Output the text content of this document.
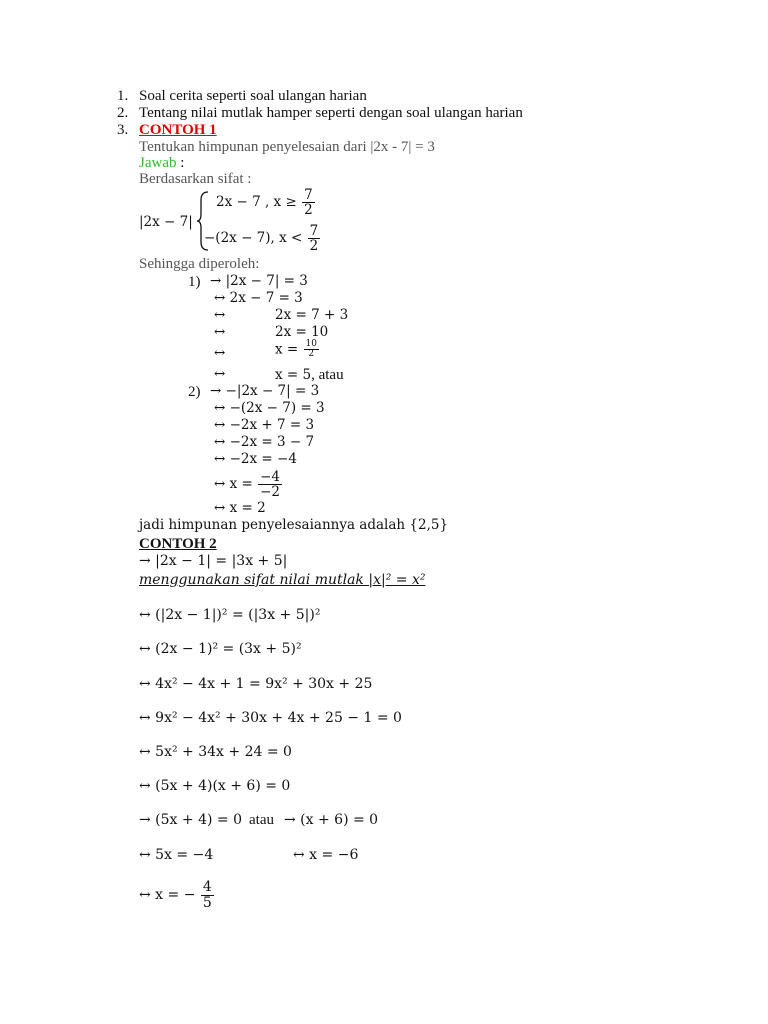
1. Soal cerita seperti soal ulangan harian
2. Tentang nilai mutlak hamper seperti dengan soal ulangan harian
3. CONTOH 1
Tentukan himpunan penyelesaian dari |2x - 7| = 3
Jawab :
Berdasarkan sifat :
|2x − 7|
2x − 7 , $x \ge \frac{7}{2}$
−(2x − 7), $x < \frac{7}{2}$
Sehingga diperoleh:
1) → |2x − 7| = 3
↔ 2x − 7 = 3
↔	2x = 7 + 3
↔	2x = 10
↔	$x = \frac{10}{2}$
↔	x = 5, atau
2) → −|2x − 7| = 3
↔ −(2x − 7) = 3
↔ −2x + 7 = 3
↔ −2x = 3 − 7
↔ −2x = −4
↔ $x = \frac{-4}{-2}$
↔ x = 2
jadi himpunan penyelesaiannya adalah {2,5}
CONTOH 2
→ |2x − 1| = |3x + 5|
menggunakan sifat nilai mutlak |x|² = x²
↔ (|2x − 1|)² = (|3x + 5|)²
↔ (2x − 1)² = (3x + 5)²
↔ 4x² − 4x + 1 = 9x² + 30x + 25
↔ 9x² − 4x² + 30x + 4x + 25 − 1 = 0
↔ 5x² + 34x + 24 = 0
↔ (5x + 4)(x + 6) = 0
→ (5x + 4) = 0 atau → (x + 6) = 0
↔ 5x = −4	↔ x = −6
↔ x = − $\frac{4}{5}$
